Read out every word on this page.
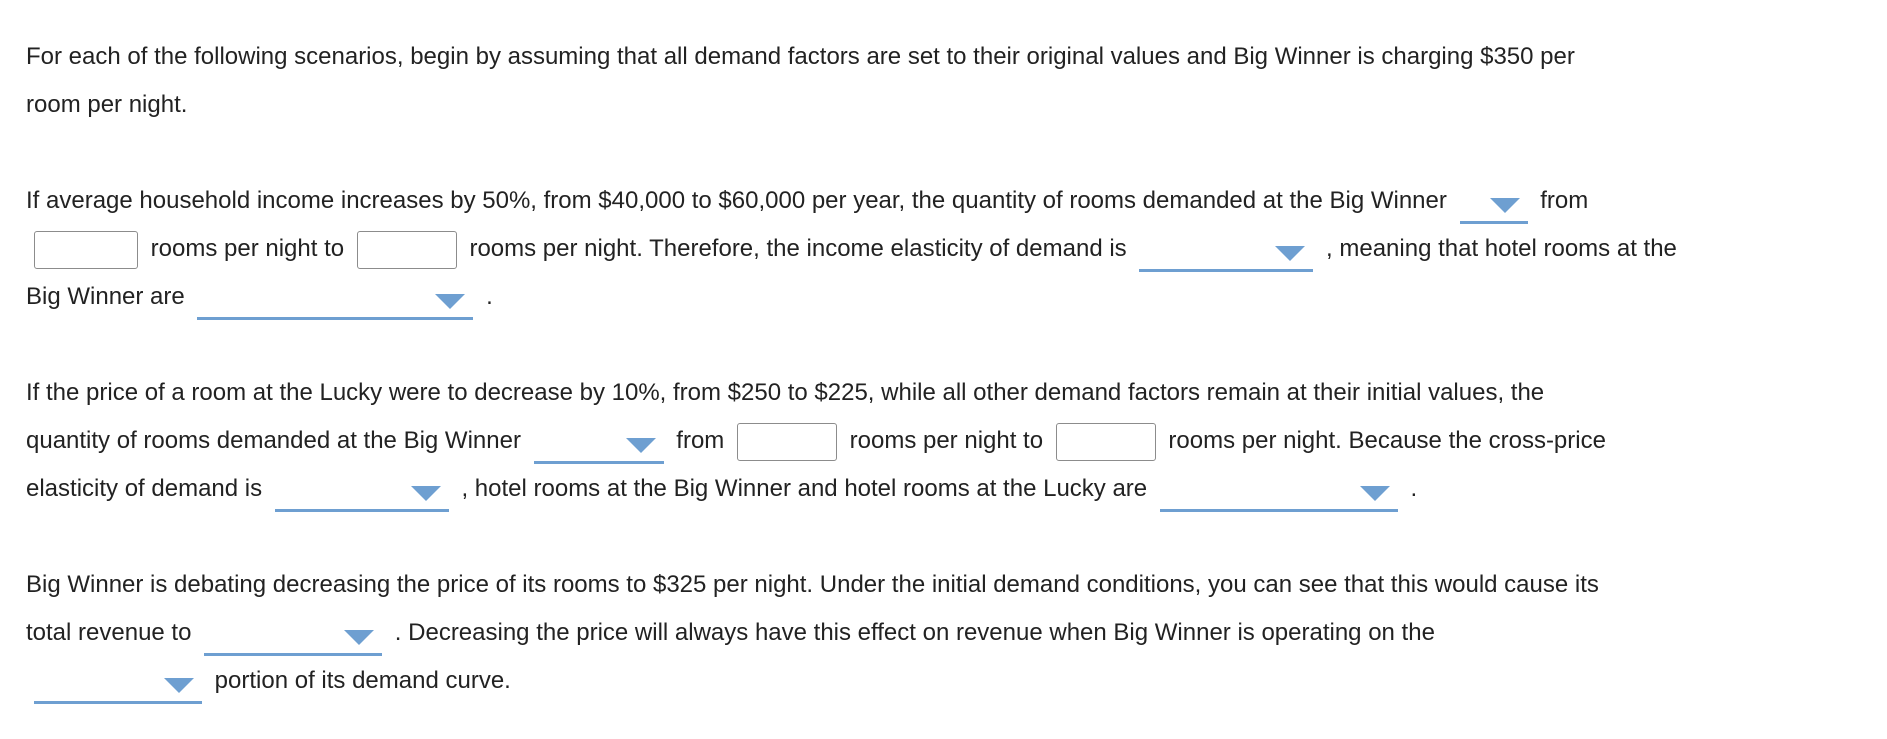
For each of the following scenarios, begin by assuming that all demand factors are set to their original values and Big Winner is charging $350 per
room per night.
If average household income increases by 50%, from $40,000 to $60,000 per year, the quantity of rooms demanded at the Big Winner	from
rooms per night to	rooms per night. Therefore, the income elasticity of demand is	, meaning that hotel rooms at the
Big Winner are	.
If the price of a room at the Lucky were to decrease by 10%, from $250 to $225, while all other demand factors remain at their initial values, the
quantity of rooms demanded at the Big Winner	from	rooms per night to	rooms per night. Because the cross-price
elasticity of demand is	, hotel rooms at the Big Winner and hotel rooms at the Lucky are	.
Big Winner is debating decreasing the price of its rooms to $325 per night. Under the initial demand conditions, you can see that this would cause its
total revenue to	. Decreasing the price will always have this effect on revenue when Big Winner is operating on the
portion of its demand curve.
